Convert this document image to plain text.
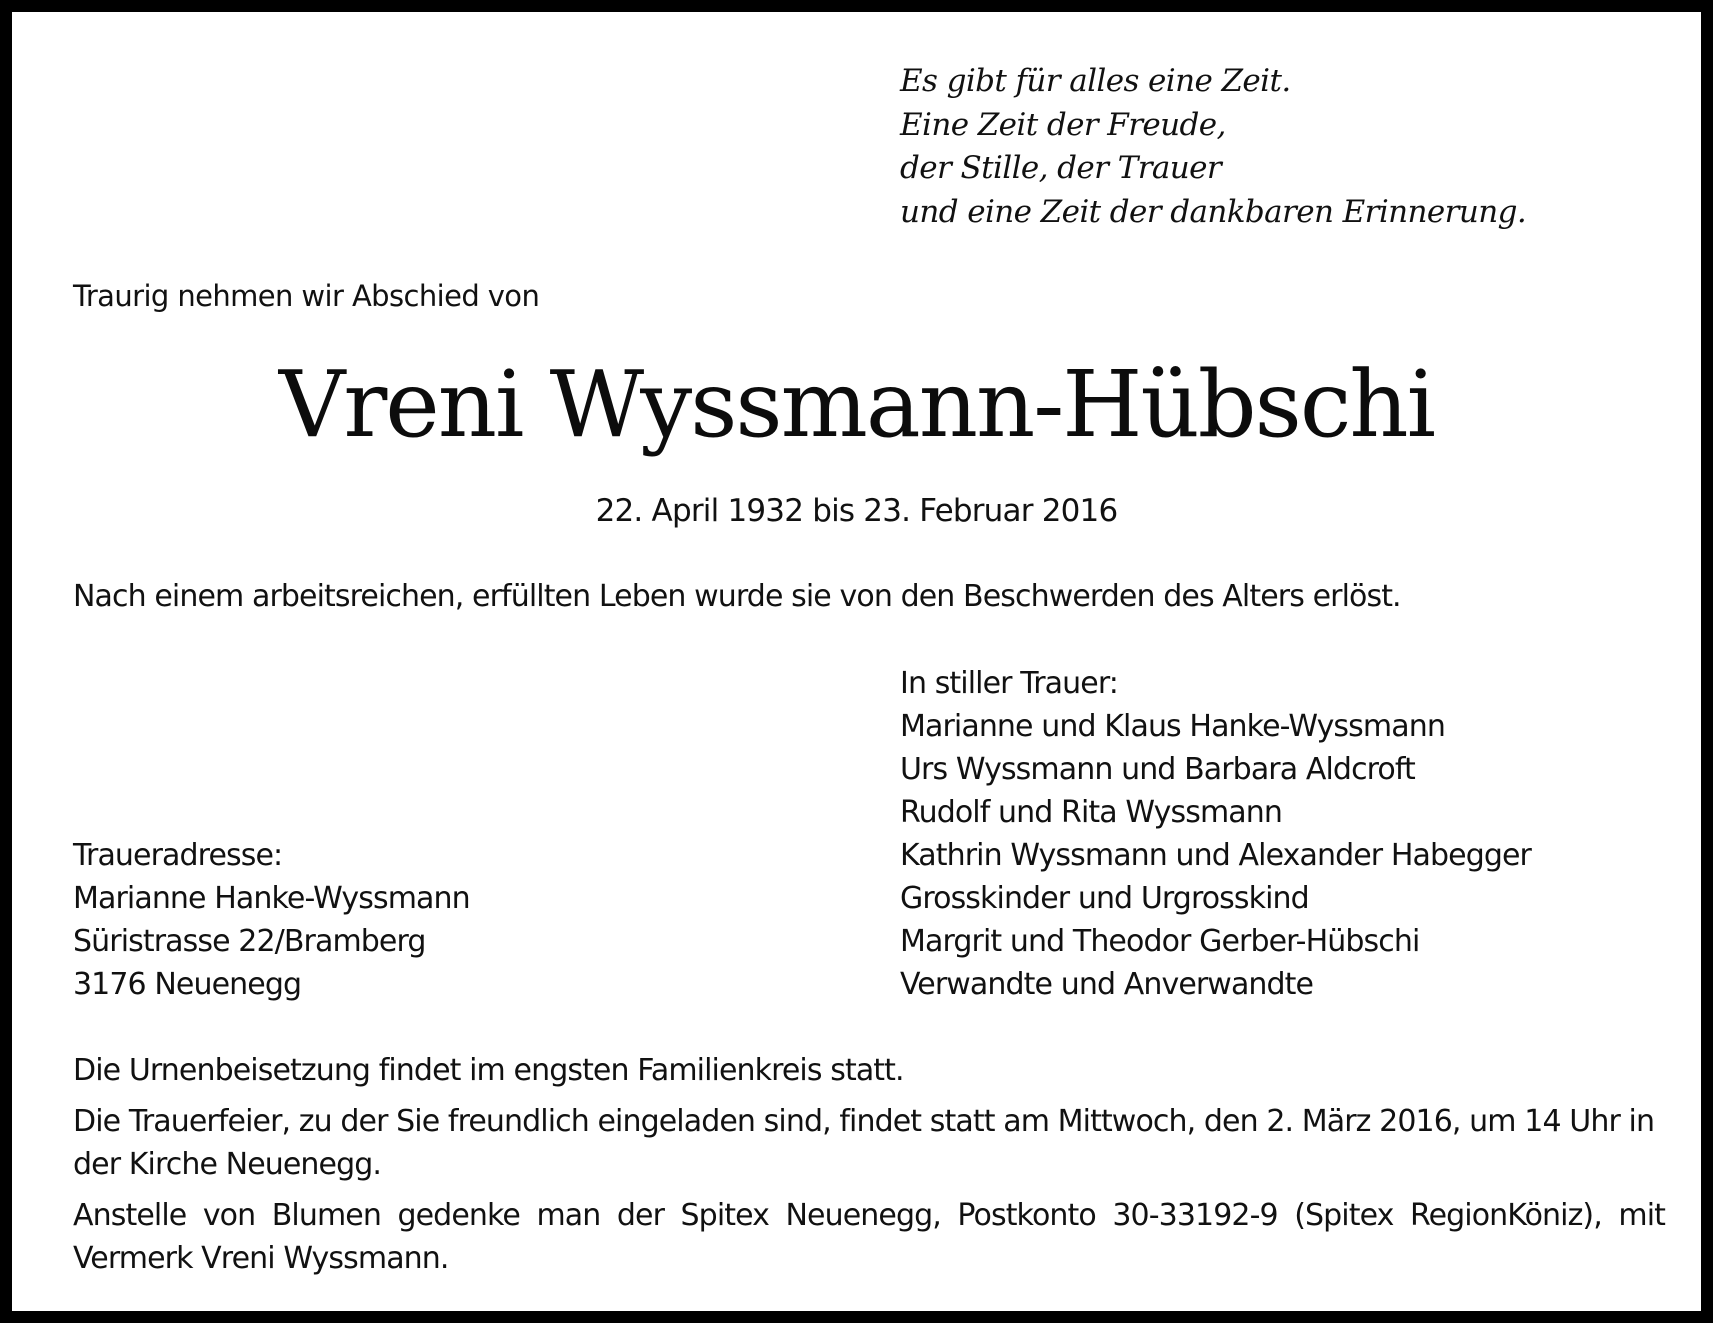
Es gibt für alles eine Zeit.
Eine Zeit der Freude,
der Stille, der Trauer
und eine Zeit der dankbaren Erinnerung.
Traurig nehmen wir Abschied von
Vreni Wyssmann-Hübschi
22. April 1932 bis 23. Februar 2016
Nach einem arbeitsreichen, erfüllten Leben wurde sie von den Beschwerden des Alters erlöst.
In stiller Trauer:
Marianne und Klaus Hanke-Wyssmann
Urs Wyssmann und Barbara Aldcroft
Rudolf und Rita Wyssmann
Kathrin Wyssmann und Alexander Habegger
Grosskinder und Urgrosskind
Margrit und Theodor Gerber-Hübschi
Verwandte und Anverwandte
Traueradresse:
Marianne Hanke-Wyssmann
Süristrasse 22/Bramberg
3176 Neuenegg

Die Urnenbeisetzung findet im engsten Familienkreis statt.

Die Trauerfeier, zu der Sie freundlich eingeladen sind, findet statt am Mittwoch, den 2. März 2016, um 14 Uhr in der Kirche Neuenegg.

Anstelle von Blumen gedenke man der Spitex Neuenegg, Postkonto 30-33192-9 (Spitex RegionKöniz), mit Vermerk Vreni Wyssmann.
